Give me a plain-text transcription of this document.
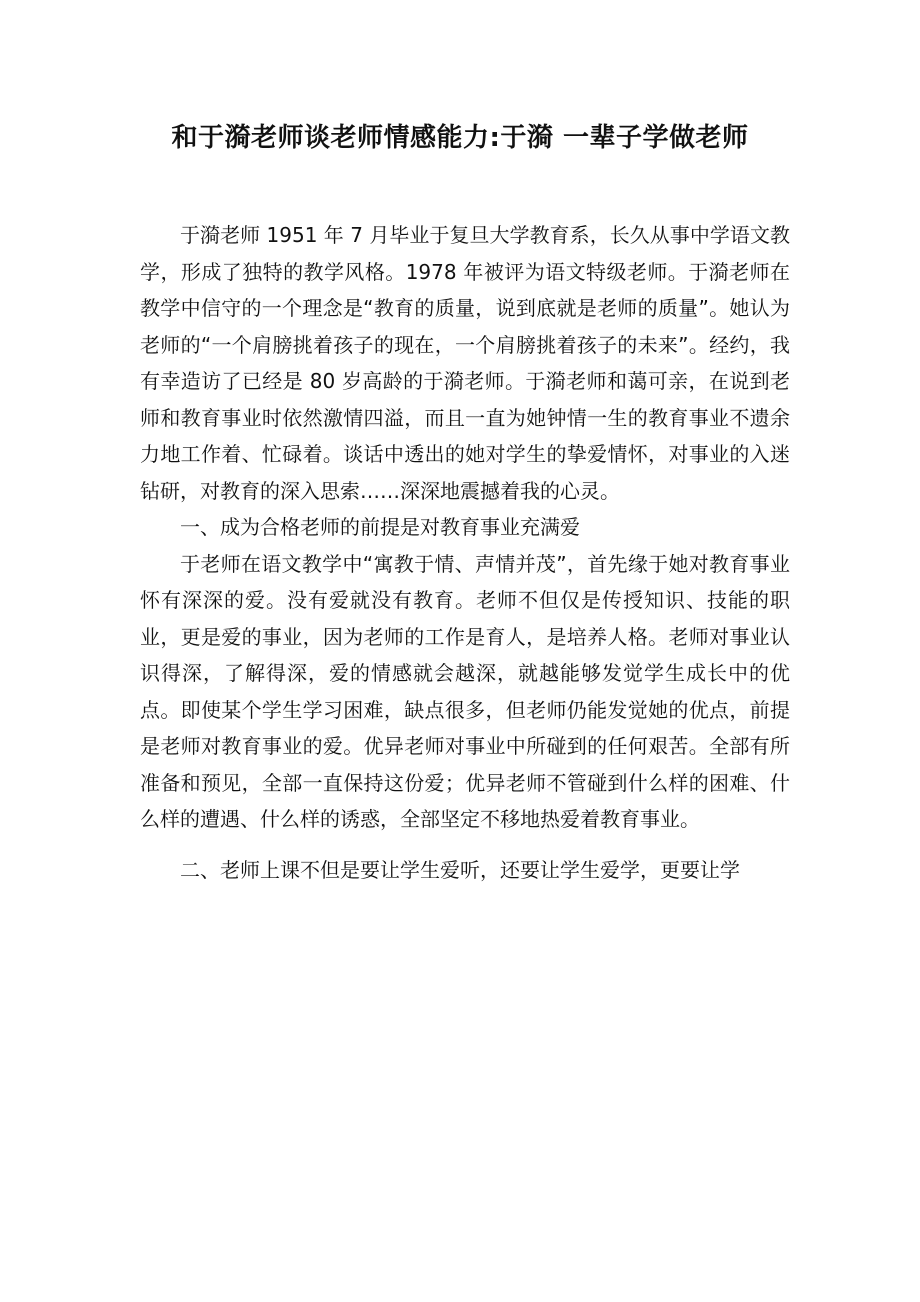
和于漪老师谈老师情感能力:于漪 一辈子学做老师

于漪老师 1951 年 7 月毕业于复旦大学教育系，长久从事中学语文教学，形成了独特的教学风格。1978 年被评为语文特级老师。于漪老师在教学中信守的一个理念是“教育的质量，说到底就是老师的质量”。她认为老师的“一个肩膀挑着孩子的现在，一个肩膀挑着孩子的未来”。经约，我有幸造访了已经是 80 岁高龄的于漪老师。于漪老师和蔼可亲，在说到老师和教育事业时依然激情四溢，而且一直为她钟情一生的教育事业不遗余力地工作着、忙碌着。谈话中透出的她对学生的挚爱情怀，对事业的入迷钻研，对教育的深入思索……深深地震撼着我的心灵。

一、成为合格老师的前提是对教育事业充满爱

于老师在语文教学中“寓教于情、声情并茂”，首先缘于她对教育事业怀有深深的爱。没有爱就没有教育。老师不但仅是传授知识、技能的职业，更是爱的事业，因为老师的工作是育人，是培养人格。老师对事业认识得深，了解得深，爱的情感就会越深，就越能够发觉学生成长中的优点。即使某个学生学习困难，缺点很多，但老师仍能发觉她的优点，前提是老师对教育事业的爱。优异老师对事业中所碰到的任何艰苦。全部有所准备和预见，全部一直保持这份爱；优异老师不管碰到什么样的困难、什么样的遭遇、什么样的诱惑，全部坚定不移地热爱着教育事业。

二、老师上课不但是要让学生爱听，还要让学生爱学，更要让学
